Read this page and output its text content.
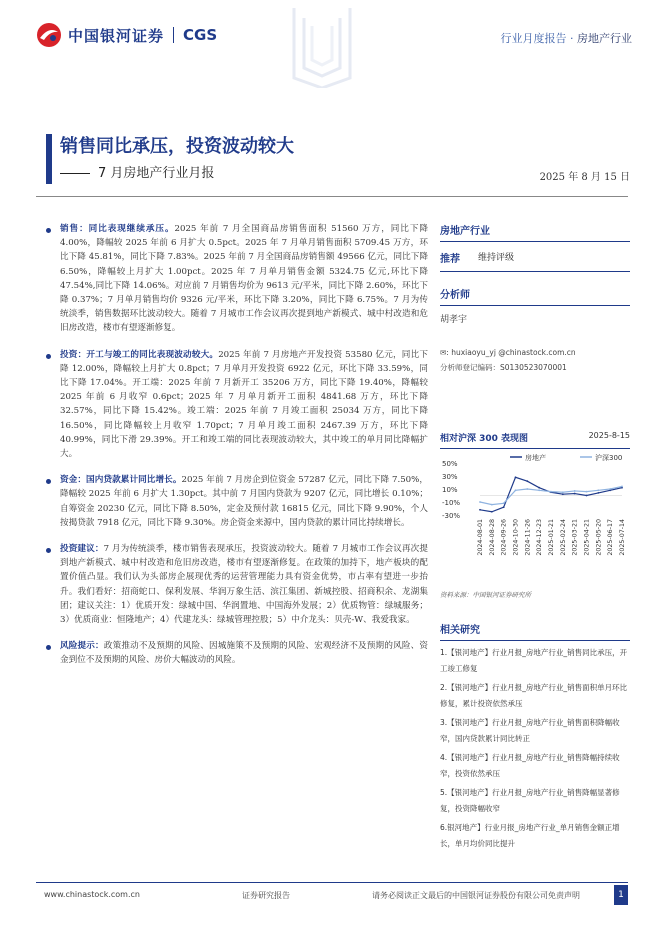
中国银河证券 CGS	行业月度报告 · 房地产行业
销售同比承压，投资波动较大
7 月房地产行业月报	2025 年 8 月 15 日
销售：同比表现继续承压。2025 年前 7 月全国商品房销售面积 51560 万方，同比下降 4.00%，降幅较 2025 年前 6 月扩大 0.5pct。2025 年 7 月单月销售面积 5709.45 万方，环比下降 45.81%，同比下降 7.83%。2025 年前 7 月全国商品房销售额 49566 亿元，同比下降 6.50%，降幅较上月扩大 1.00pct。2025 年 7 月单月销售金额 5324.75 亿元,环比下降 47.54%,同比下降 14.06%。对应前 7 月销售均价为 9613 元/平米，同比下降 2.60%，环比下降 0.37%；7 月单月销售均价 9326 元/平米，环比下降 3.20%，同比下降 6.75%。7 月为传统淡季，销售数据环比波动较大。随着 7 月城市工作会议再次提到地产新模式、城中村改造和危旧房改造，楼市有望逐渐修复。
投资：开工与竣工的同比表现波动较大。2025 年前 7 月房地产开发投资 53580 亿元，同比下降 12.00%，降幅较上月扩大 0.8pct；7 月单月开发投资 6922 亿元，环比下降 33.59%，同比下降 17.04%。开工端：2025 年前 7 月新开工 35206 万方，同比下降 19.40%，降幅较 2025 年前 6 月收窄 0.6pct；2025 年 7 月单月新开工面积 4841.68 万方，环比下降 32.57%，同比下降 15.42%。竣工端：2025 年前 7 月竣工面积 25034 万方，同比下降 16.50%，同比降幅较上月收窄 1.70pct；7 月单月竣工面积 2467.39 万方，环比下降 40.99%，同比下滑 29.39%。开工和竣工端的同比表现波动较大，其中竣工的单月同比降幅扩大。
资金：国内贷款累计同比增长。2025 年前 7 月房企到位资金 57287 亿元，同比下降 7.50%，降幅较 2025 年前 6 月扩大 1.30pct。其中前 7 月国内贷款为 9207 亿元，同比增长 0.10%；自筹资金 20230 亿元，同比下降 8.50%，定金及预付款 16815 亿元，同比下降 9.90%，个人按揭贷款 7918 亿元，同比下降 9.30%。房企资金来源中，国内贷款的累计同比持续增长。
投资建议：7 月为传统淡季，楼市销售表现承压，投资波动较大。随着 7 月城市工作会议再次提到地产新模式、城中村改造和危旧房改造，楼市有望逐渐修复。在政策的加持下，地产板块的配置价值凸显。我们认为头部房企展现优秀的运营管理能力具有资金优势，市占率有望进一步抬升。我们看好：招商蛇口、保利发展、华润万象生活、滨江集团、新城控股、招商积余、龙湖集团；建议关注：1）优质开发：绿城中国、华润置地、中国海外发展；2）优质物管：绿城服务；3）优质商业：恒隆地产；4）代建龙头：绿城管理控股；5）中介龙头：贝壳-W、我爱我家。
风险提示：政策推动不及预期的风险、因城施策不及预期的风险、宏观经济不及预期的风险、资金到位不及预期的风险、房价大幅波动的风险。
房地产行业
推荐 维持评级
分析师
胡孝宇
✉: huxiaoyu_yj @chinastock.com.cn
分析师登记编码：S0130523070001
相对沪深 300 表现图	2025-8-15
50%
30%
10%
-10%
-30%
2024-08-01 2024-08-28 2024-09-26 2024-10-30 2024-11-26 2024-12-23 2025-01-21 2025-02-24 2025-03-21 2025-04-21 2025-05-20 2025-06-17 2025-07-14
房地产	沪深300
资料来源：中国银河证券研究所
相关研究
1.【银河地产】行业月报_房地产行业_销售同比承压，开工竣工修复
2.【银河地产】行业月报_房地产行业_销售面积单月环比修复，累计投资依然承压
3.【银河地产】行业月报_房地产行业_销售面积降幅收窄，国内贷款累计同比转正
4.【银河地产】行业月报_房地产行业_销售降幅持续收窄，投资依然承压
5.【银河地产】行业月报_房地产行业_销售降幅显著修复，投资降幅收窄
6.银河地产】行业月报_房地产行业_单月销售金额正增长，单月均价同比提升
www.chinastock.com.cn	证券研究报告	请务必阅读正文最后的中国银河证券股份有限公司免责声明	1
